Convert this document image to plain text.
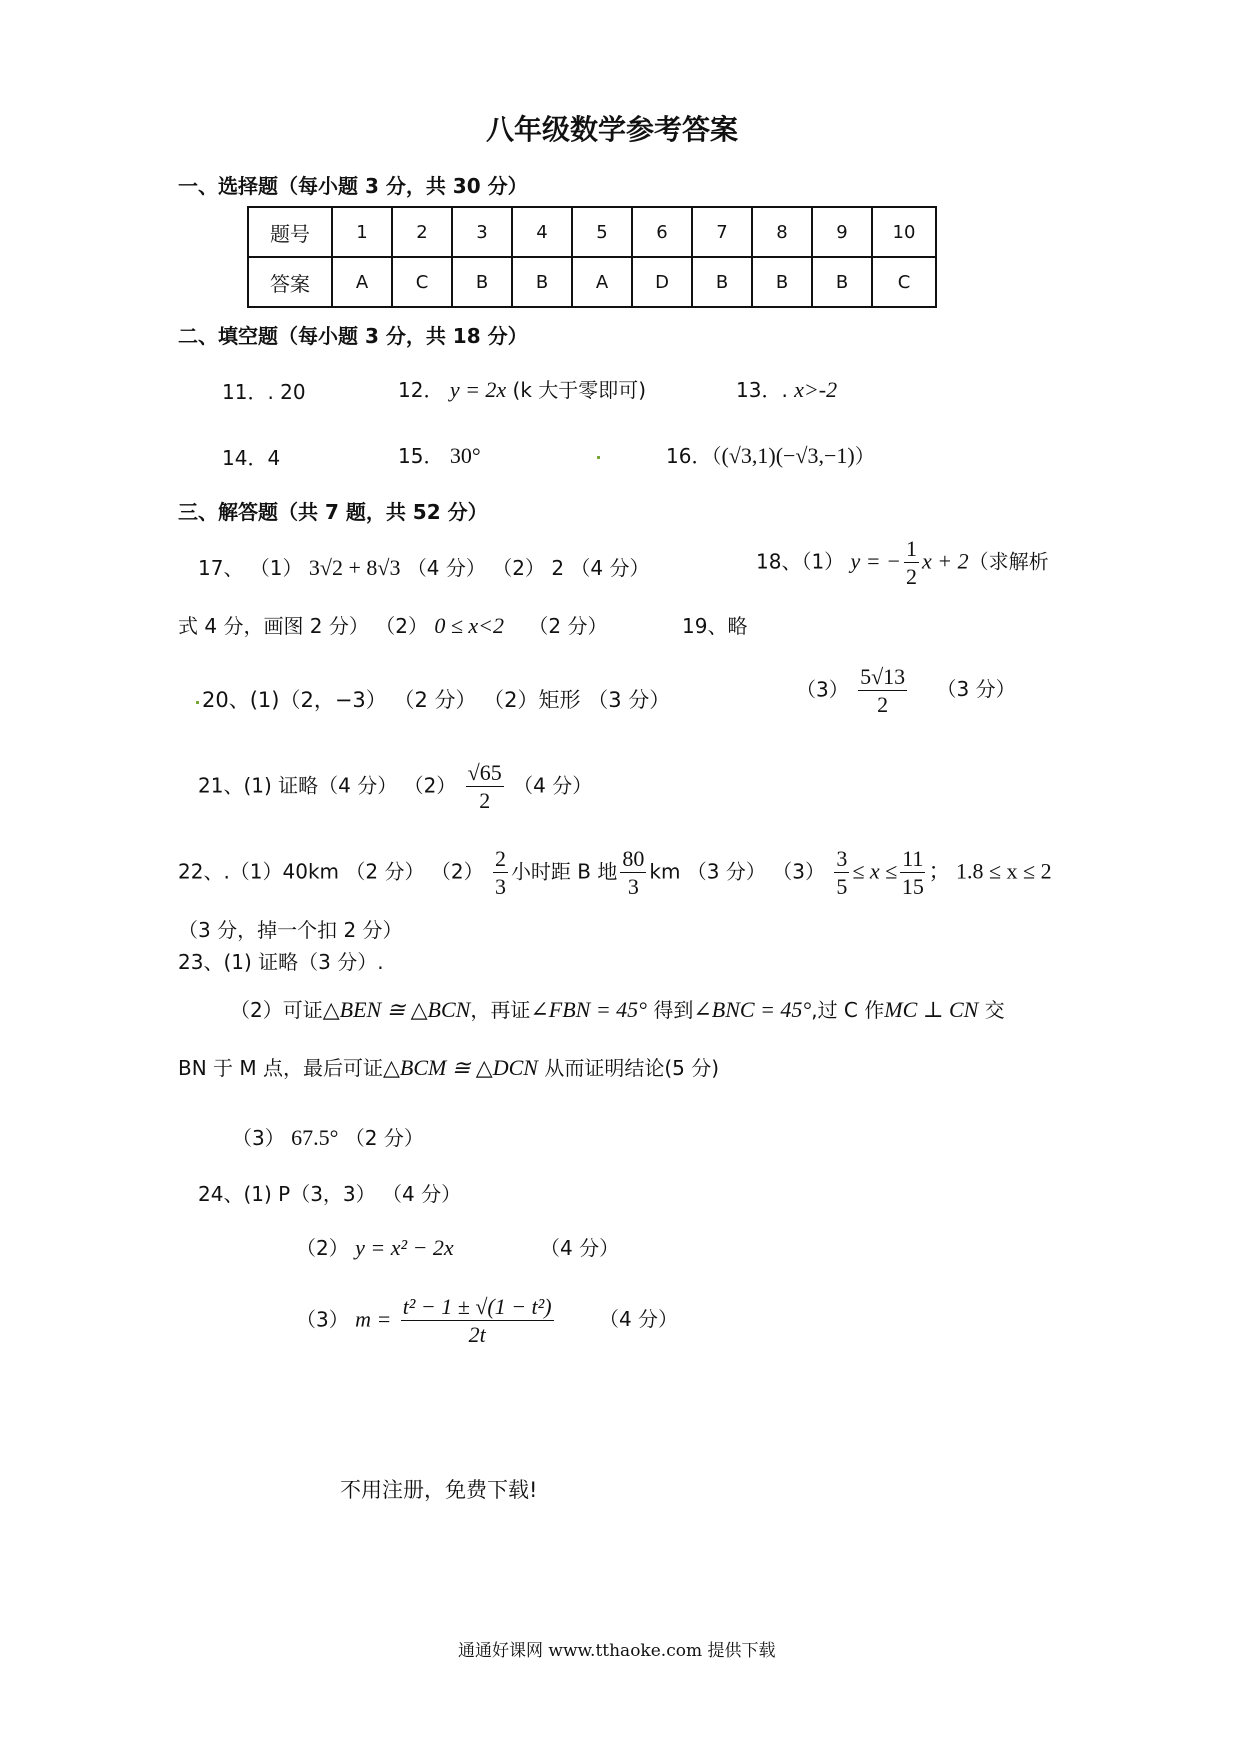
八年级数学参考答案
一、选择题（每小题 3 分，共 30 分）
题号	1	2	3	4	5	6	7	8	9	10
答案	A	C	B	B	A	D	B	B	B	C
二、填空题（每小题 3 分，共 18 分）
11．. 20	12． y = 2x (k 大于零即可)	13．. x>-2
14．4	15． 30°	16．（(√3,1)(−√3,−1)）
三、解答题（共 7 题，共 52 分）
17、 （1） 3√2 + 8√3 （4 分） （2） 2 （4 分）	18、（1） y = − $\frac{1}{2}$ x + 2（求解析
式 4 分，画图 2 分） （2） 0 ≤ x<2 （2 分）	19、略
20、(1)（2，−3） （2 分） （2）矩形 （3 分）	$(3) \frac{5√13}{2} (3$ 分）
21、(1) 证略（4 分） $(2) \frac{√65}{2} (4$ 分）
22、.（1）40km （2 分） $(2) \frac{2}{3}$ 小时距 B 地 $\frac{80}{3}$ km （3 分） $(3) \frac{3}{5} \le x \le \frac{11}{15}$ ； 1.8 ≤ x ≤ 2
（3 分，掉一个扣 2 分）
23、(1) 证略（3 分）.
（2）可证△BEN ≅ △BCN，再证∠FBN = 45° 得到∠BNC = 45°,过 C 作MC ⊥ CN 交
BN 于 M 点，最后可证△BCM ≅ △DCN 从而证明结论(5 分)
（3） 67.5° （2 分）
24、(1) P（3，3） （4 分）
（2） y = x² − 2x	（4 分）
（3） $m = \frac{\text{t² − 1 ± √(1 − t²)}}{2t} (4$ 分）
不用注册，免费下载!
通通好课网 www.tthaoke.com 提供下载
